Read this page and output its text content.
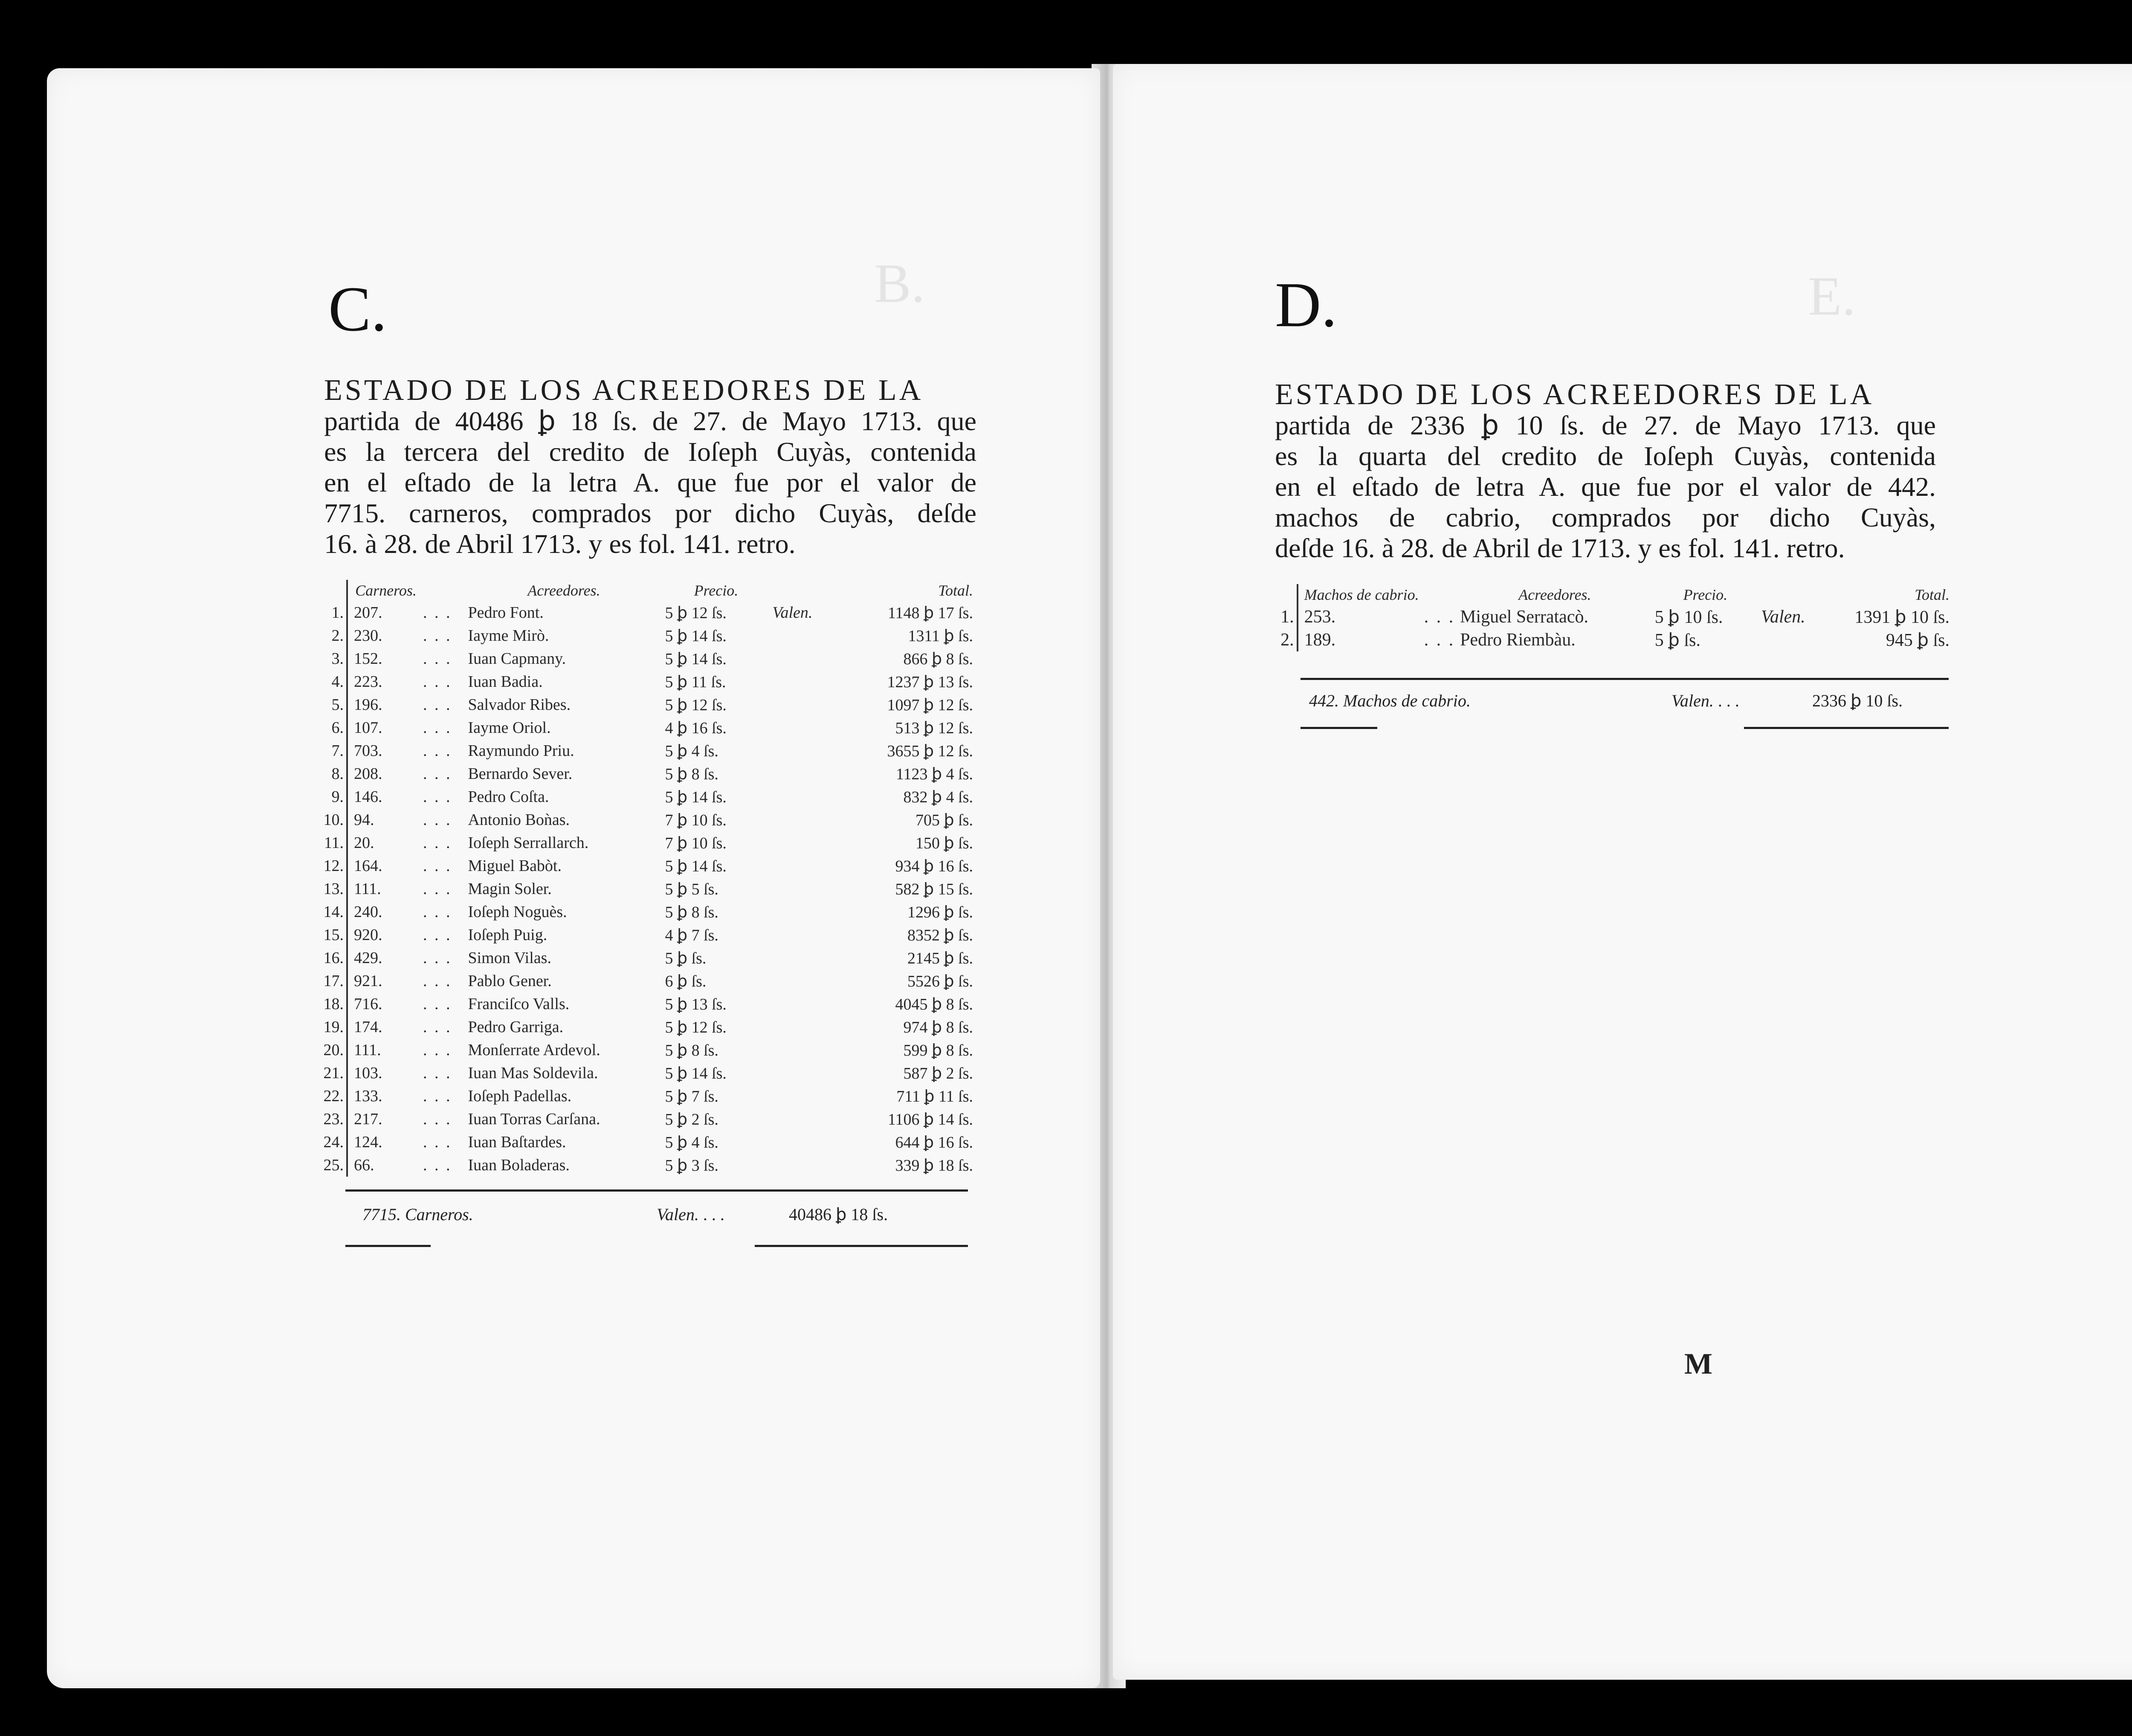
B.
C.
ESTADO DE LOS ACREEDORES DE LA
partida de 40486 ꝧ 18 ſs. de 27. de Mayo 1713. que
es la tercera del credito de Ioſeph Cuyàs, contenida
en el eſtado de la letra A. que fue por el valor de
7715. carneros, comprados por dicho Cuyàs, deſde
16. à 28. de Abril 1713. y es fol. 141. retro.
	Carneros.		Acreedores.	Precio.		Total.
1.	207.	. . .	Pedro Font.	5 ꝧ 12 ſs.	Valen.	1148 ꝧ 17 ſs.
2.	230.	. . .	Iayme Mirò.	5 ꝧ 14 ſs.		1311 ꝧ ſs.
3.	152.	. . .	Iuan Capmany.	5 ꝧ 14 ſs.		866 ꝧ 8 ſs.
4.	223.	. . .	Iuan Badia.	5 ꝧ 11 ſs.		1237 ꝧ 13 ſs.
5.	196.	. . .	Salvador Ribes.	5 ꝧ 12 ſs.		1097 ꝧ 12 ſs.
6.	107.	. . .	Iayme Oriol.	4 ꝧ 16 ſs.		513 ꝧ 12 ſs.
7.	703.	. . .	Raymundo Priu.	5 ꝧ 4 ſs.		3655 ꝧ 12 ſs.
8.	208.	. . .	Bernardo Sever.	5 ꝧ 8 ſs.		1123 ꝧ 4 ſs.
9.	146.	. . .	Pedro Coſta.	5 ꝧ 14 ſs.		832 ꝧ 4 ſs.
10.	94.	. . .	Antonio Boǹas.	7 ꝧ 10 ſs.		705 ꝧ ſs.
11.	20.	. . .	Ioſeph Serrallarch.	7 ꝧ 10 ſs.		150 ꝧ ſs.
12.	164.	. . .	Miguel Babòt.	5 ꝧ 14 ſs.		934 ꝧ 16 ſs.
13.	111.	. . .	Magin Soler.	5 ꝧ 5 ſs.		582 ꝧ 15 ſs.
14.	240.	. . .	Ioſeph Noguès.	5 ꝧ 8 ſs.		1296 ꝧ ſs.
15.	920.	. . .	Ioſeph Puig.	4 ꝧ 7 ſs.		8352 ꝧ ſs.
16.	429.	. . .	Simon Vilas.	5 ꝧ ſs.		2145 ꝧ ſs.
17.	921.	. . .	Pablo Gener.	6 ꝧ ſs.		5526 ꝧ ſs.
18.	716.	. . .	Franciſco Valls.	5 ꝧ 13 ſs.		4045 ꝧ 8 ſs.
19.	174.	. . .	Pedro Garriga.	5 ꝧ 12 ſs.		974 ꝧ 8 ſs.
20.	111.	. . .	Monſerrate Ardevol.	5 ꝧ 8 ſs.		599 ꝧ 8 ſs.
21.	103.	. . .	Iuan Mas Soldevila.	5 ꝧ 14 ſs.		587 ꝧ 2 ſs.
22.	133.	. . .	Ioſeph Padellas.	5 ꝧ 7 ſs.		711 ꝧ 11 ſs.
23.	217.	. . .	Iuan Torras Carſana.	5 ꝧ 2 ſs.		1106 ꝧ 14 ſs.
24.	124.	. . .	Iuan Baſtardes.	5 ꝧ 4 ſs.		644 ꝧ 16 ſs.
25.	66.	. . .	Iuan Boladeras.	5 ꝧ 3 ſs.		339 ꝧ 18 ſs.
7715. Carneros.	Valen. . . .	40486 ꝧ 18 ſs.
E.
D.
ESTADO DE LOS ACREEDORES DE LA
partida de 2336 ꝧ 10 ſs. de 27. de Mayo 1713. que
es la quarta del credito de Ioſeph Cuyàs, contenida
en el eſtado de letra A. que fue por el valor de 442.
machos de cabrio, comprados por dicho Cuyàs,
deſde 16. à 28. de Abril de 1713. y es fol. 141. retro.
	Machos de cabrio.		Acreedores.	Precio.		Total.
1.	253.	. . .	Miguel Serratacò.	5 ꝧ 10 ſs.	Valen.	1391 ꝧ 10 ſs.
2.	189.	. . .	Pedro Riembàu.	5 ꝧ ſs.		945 ꝧ ſs.
442. Machos de cabrio.	Valen. . . .	2336 ꝧ 10 ſs.
M
